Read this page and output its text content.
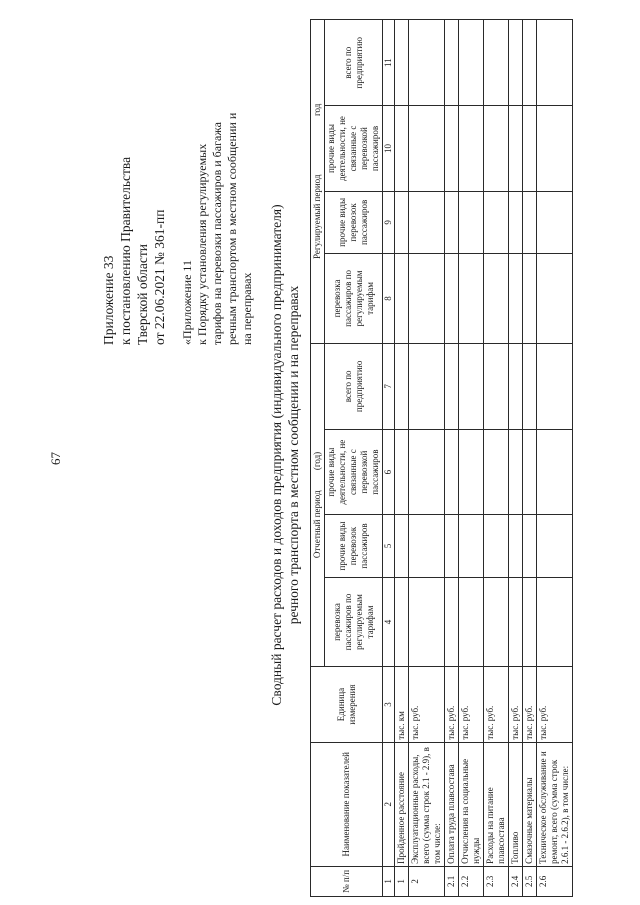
67
Приложение 33 к постановлению Правительства Тверской области от 22.06.2021 № 361-пп «Приложение 11 к Порядку установления регулируемых тарифов на перевозки пассажиров и багажа речным транспортом в местном сообщении и на переправах Сводный расчет расходов и доходов предприятия (индивидуального предпринимателя) речного транспорта в местном сообщении и на переправах
№ п/п	Наименование показателей	Единица измерения	Отчетный период         (год)				Регулируемый период                          год			
			перевозка пассажиров по регулируемым тарифам	прочие виды перевозок пассажиров	прочие виды деятельности, не связанные с перевозкой пассажиров	всего по предприятию	перевозка пассажиров по регулируемым тарифам	прочие виды перевозок пассажиров	прочие виды деятельности, не связанные с перевозкой пассажиров	всего по предприятию

1	2	3	4	5	6	7	8	9	10	11
1	Пройденное расстояние	тыс. км								
2	Эксплуатационные расходы, всего (сумма строк 2.1 - 2.9), в том числе:	тыс. руб.								
2.1	Оплата труда плавсостава	тыс. руб.								
2.2	Отчисления на социальные нужды	тыс. руб.								
2.3	Расходы на питание плавсостава	тыс. руб.								
2.4	Топливо	тыс. руб.								
2.5	Смазочные материалы	тыс. руб.								
2.6	Техническое обслуживание и ремонт, всего (сумма строк 2.6.1 - 2.6.2), в том числе:	тыс. руб.								
